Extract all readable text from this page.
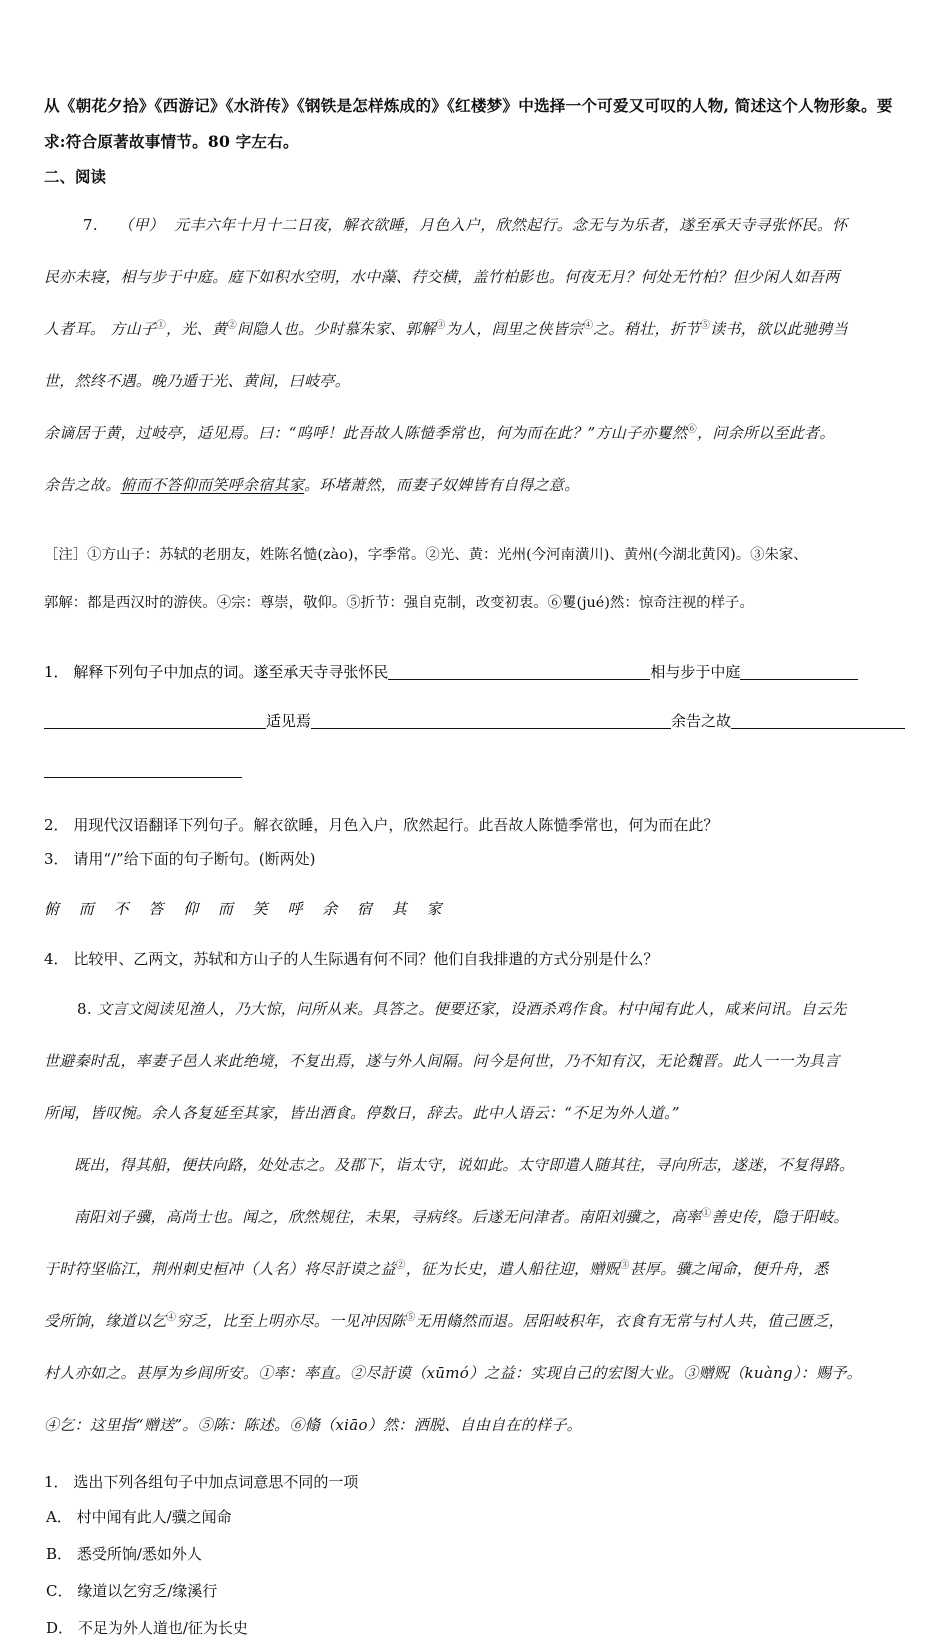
从《朝花夕拾》《西游记》《水浒传》《钢铁是怎样炼成的》《红楼梦》中选择一个可爱又可叹的人物, 简述这个人物形象。要

求:符合原著故事情节。80 字左右。

二、阅读

7. （甲） 元丰六年十月十二日夜，解衣欲睡，月色入户，欣然起行。念无与为乐者，遂至承天寺寻张怀民。怀

民亦未寝，相与步于中庭。庭下如积水空明，水中藻、荇交横，盖竹柏影也。何夜无月？何处无竹柏？但少闲人如吾两

人者耳。 方山子①，光、黄②间隐人也。少时慕朱家、郭解③为人，闾里之侠皆宗④之。稍壮，折节⑤读书，欲以此驰骋当

世，然终不遇。晚乃遁于光、黄间，曰岐亭。

余谪居于黄，过岐亭，适见焉。曰：“呜呼！此吾故人陈慥季常也，何为而在此？”方山子亦矍然⑥，问余所以至此者。

余告之故。俯而不答仰而笑呼余宿其家。环堵萧然，而妻子奴婢皆有自得之意。

［注］①方山子：苏轼的老朋友，姓陈名慥(zào)，字季常。②光、黄：光州(今河南潢川)、黄州(今湖北黄冈)。③朱家、

郭解：都是西汉时的游侠。④宗：尊崇，敬仰。⑤折节：强自克制，改变初衷。⑥矍(jué)然：惊奇注视的样子。

1． 解释下列句子中加点的词。遂至承天寺寻张怀民	相与步于中庭

适见焉	余告之故

2． 用现代汉语翻译下列句子。解衣欲睡，月色入户，欣然起行。此吾故人陈慥季常也，何为而在此？

3． 请用“/”给下面的句子断句。(断两处)

俯 而 不 答 仰 而 笑 呼 余 宿 其 家

4． 比较甲、乙两文，苏轼和方山子的人生际遇有何不同？他们自我排遣的方式分别是什么？

8. 文言文阅读见渔人，乃大惊，问所从来。具答之。便要还家，设酒杀鸡作食。村中闻有此人，咸来问讯。自云先

世避秦时乱，率妻子邑人来此绝境，不复出焉，遂与外人间隔。问今是何世，乃不知有汉，无论魏晋。此人一一为具言

所闻，皆叹惋。余人各复延至其家，皆出酒食。停数日，辞去。此中人语云：“不足为外人道。”

既出，得其船，便扶向路，处处志之。及郡下，诣太守，说如此。太守即遣人随其往，寻向所志，遂迷，不复得路。

南阳刘子骥，高尚士也。闻之，欣然规往，未果，寻病终。后遂无问津者。南阳刘骥之，高率①善史传，隐于阳岐。

于时符坚临江，荆州刺史桓冲（人名）将尽訏谟之益②，征为长史，遣人船往迎，赠贶③甚厚。骥之闻命，便升舟，悉

受所饷，缘道以乞④穷乏，比至上明亦尽。一见冲因陈⑤无用翛然而退。居阳岐积年，衣食有无常与村人共，值己匮乏，

村人亦如之。甚厚为乡闾所安。①率：率直。②尽訏谟（xūmó）之益：实现自己的宏图大业。③赠贶（kuàng）：赐予。

④乞：这里指“赠送”。⑤陈：陈述。⑥翛（xiāo）然：洒脱、自由自在的样子。

1． 选出下列各组句子中加点词意思不同的一项

A． 村中闻有此人/骥之闻命

B． 悉受所饷/悉如外人

C． 缘道以乞穷乏/缘溪行

D． 不足为外人道也/征为长史
